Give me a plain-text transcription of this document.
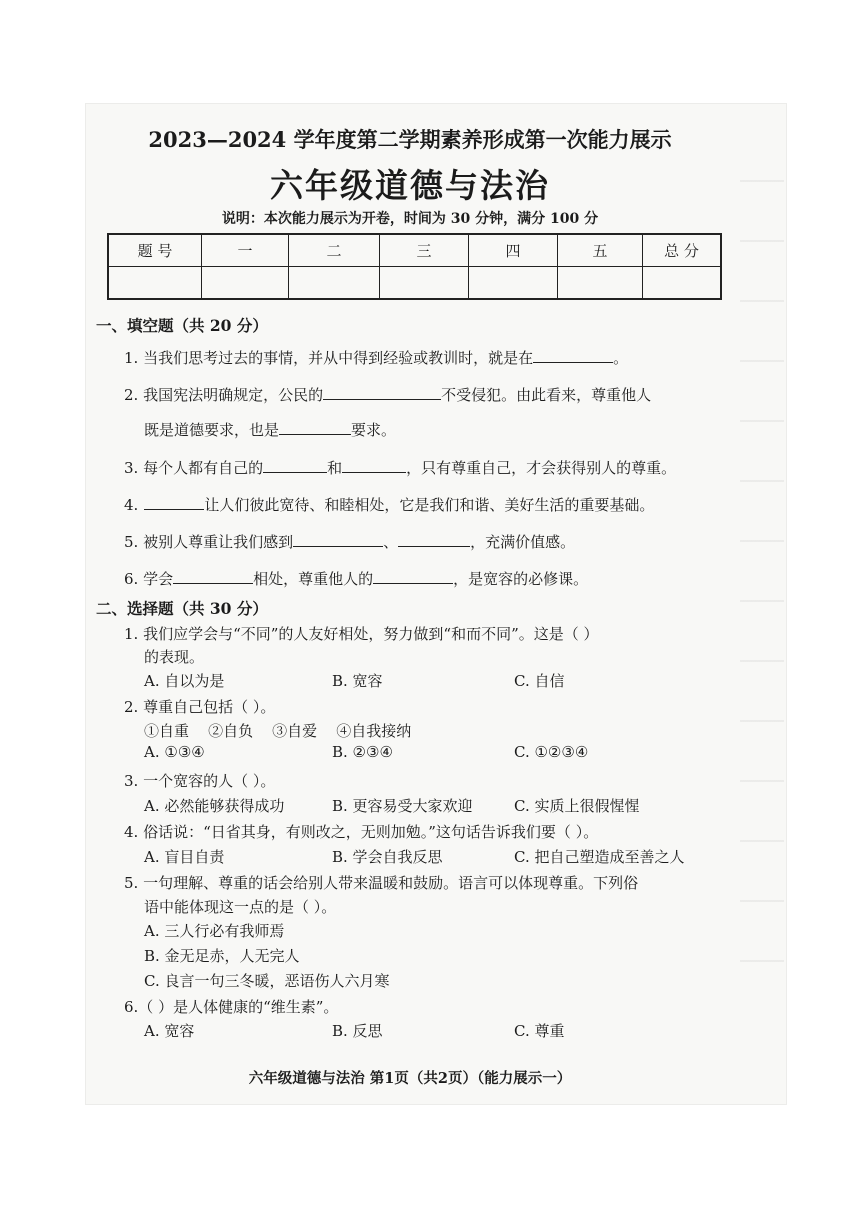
2023—2024 学年度第二学期素养形成第一次能力展示
六年级道德与法治
说明：本次能力展示为开卷，时间为 30 分钟，满分 100 分
题 号	一	二	三	四	五	总 分

一、填空题（共 20 分）
1. 当我们思考过去的事情，并从中得到经验或教训时，就是在	。
2. 我国宪法明确规定，公民的	不受侵犯。由此看来，尊重他人
既是道德要求，也是	要求。
3. 每个人都有自己的	和	，只有尊重自己，才会获得别人的尊重。
4.	让人们彼此宽待、和睦相处，它是我们和谐、美好生活的重要基础。
5. 被别人尊重让我们感到	、	，充满价值感。
6. 学会	相处，尊重他人的	，是宽容的必修课。
二、选择题（共 30 分）
1. 我们应学会与“不同”的人友好相处，努力做到“和而不同”。这是（ ）
的表现。
A. 自以为是	B. 宽容	C. 自信
2. 尊重自己包括（ ）。
①自重    ②自负    ③自爱    ④自我接纳
A. ①③④	B. ②③④	C. ①②③④
3. 一个宽容的人（ ）。
A. 必然能够获得成功	B. 更容易受大家欢迎	C. 实质上很假惺惺
4. 俗话说：“日省其身，有则改之，无则加勉。”这句话告诉我们要（ ）。
A. 盲目自责	B. 学会自我反思	C. 把自己塑造成至善之人
5. 一句理解、尊重的话会给别人带来温暖和鼓励。语言可以体现尊重。下列俗
语中能体现这一点的是（ ）。
A. 三人行必有我师焉
B. 金无足赤，人无完人
C. 良言一句三冬暖，恶语伤人六月寒
6.（ ）是人体健康的“维生素”。
A. 宽容	B. 反思	C. 尊重
六年级道德与法治 第1页（共2页）（能力展示一）
